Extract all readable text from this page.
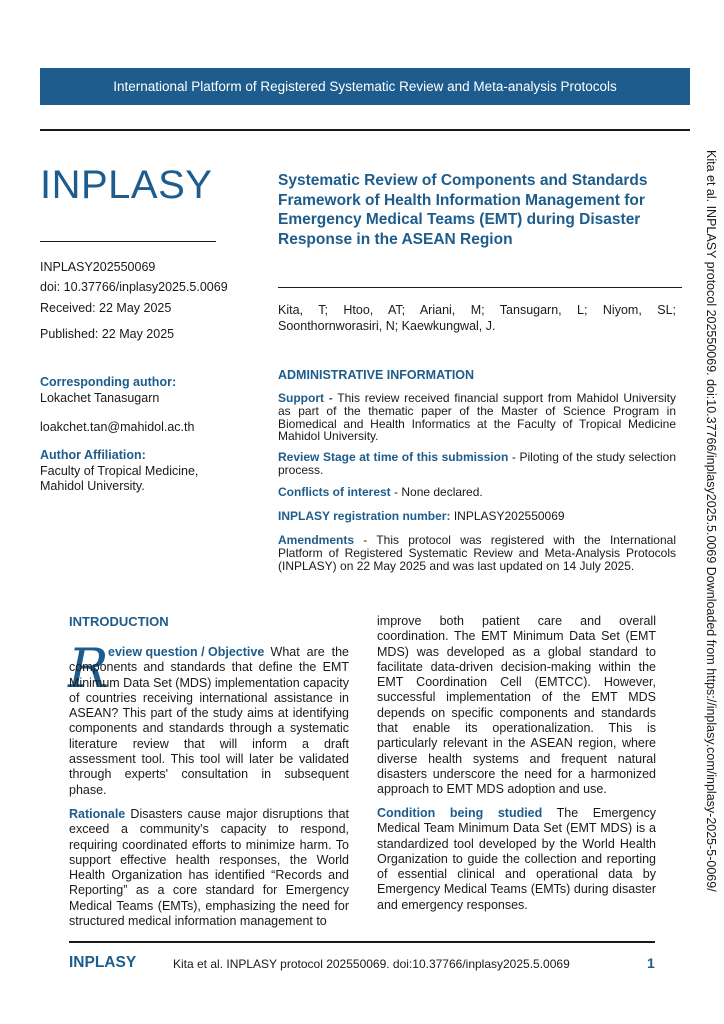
International Platform of Registered Systematic Review and Meta-analysis Protocols
INPLASY
INPLASY202550069
doi: 10.37766/inplasy2025.5.0069
Received: 22 May 2025
Published: 22 May 2025
Corresponding author:
Lokachet Tanasugarn
loakchet.tan@mahidol.ac.th
Author Affiliation:
Faculty of Tropical Medicine,
Mahidol University.
Systematic Review of Components and Standards Framework of Health Information Management for Emergency Medical Teams (EMT) during Disaster Response in the ASEAN Region
Kita, T; Htoo, AT; Ariani, M; Tansugarn, L; Niyom, SL; Soonthornworasiri, N; Kaewkungwal, J.
ADMINISTRATIVE INFORMATION
Support - This review received financial support from Mahidol University as part of the thematic paper of the Master of Science Program in Biomedical and Health Informatics at the Faculty of Tropical Medicine Mahidol University.
Review Stage at time of this submission - Piloting of the study selection process.
Conflicts of interest - None declared.
INPLASY registration number: INPLASY202550069
Amendments - This protocol was registered with the International Platform of Registered Systematic Review and Meta-Analysis Protocols (INPLASY) on 22 May 2025 and was last updated on 14 July 2025.	Kita et al. INPLASY protocol 202550069. doi:10.37766/inplasy2025.5.0069 Downloaded from https://inplasy.com/inplasy-2025-5-0069/
INTRODUCTION
R eview question / Objective What are the components and standards that define the EMT Minimum Data Set (MDS) implementation capacity of countries receiving international assistance in ASEAN? This part of the study aims at identifying components and standards through a systematic literature review that will inform a draft assessment tool. This tool will later be validated through experts' consultation in subsequent phase.
Rationale Disasters cause major disruptions that exceed a community's capacity to respond, requiring coordinated efforts to minimize harm. To support effective health responses, the World Health Organization has identified “Records and Reporting” as a core standard for Emergency Medical Teams (EMTs), emphasizing the need for structured medical information management to
improve both patient care and overall coordination. The EMT Minimum Data Set (EMT MDS) was developed as a global standard to facilitate data-driven decision-making within the EMT Coordination Cell (EMTCC). However, successful implementation of the EMT MDS depends on specific components and standards that enable its operationalization. This is particularly relevant in the ASEAN region, where diverse health systems and frequent natural disasters underscore the need for a harmonized approach to EMT MDS adoption and use.
Condition being studied The Emergency Medical Team Minimum Data Set (EMT MDS) is a standardized tool developed by the World Health Organization to guide the collection and reporting of essential clinical and operational data by Emergency Medical Teams (EMTs) during disaster and emergency responses.
INPLASY	Kita et al. INPLASY protocol 202550069. doi:10.37766/inplasy2025.5.0069	1
